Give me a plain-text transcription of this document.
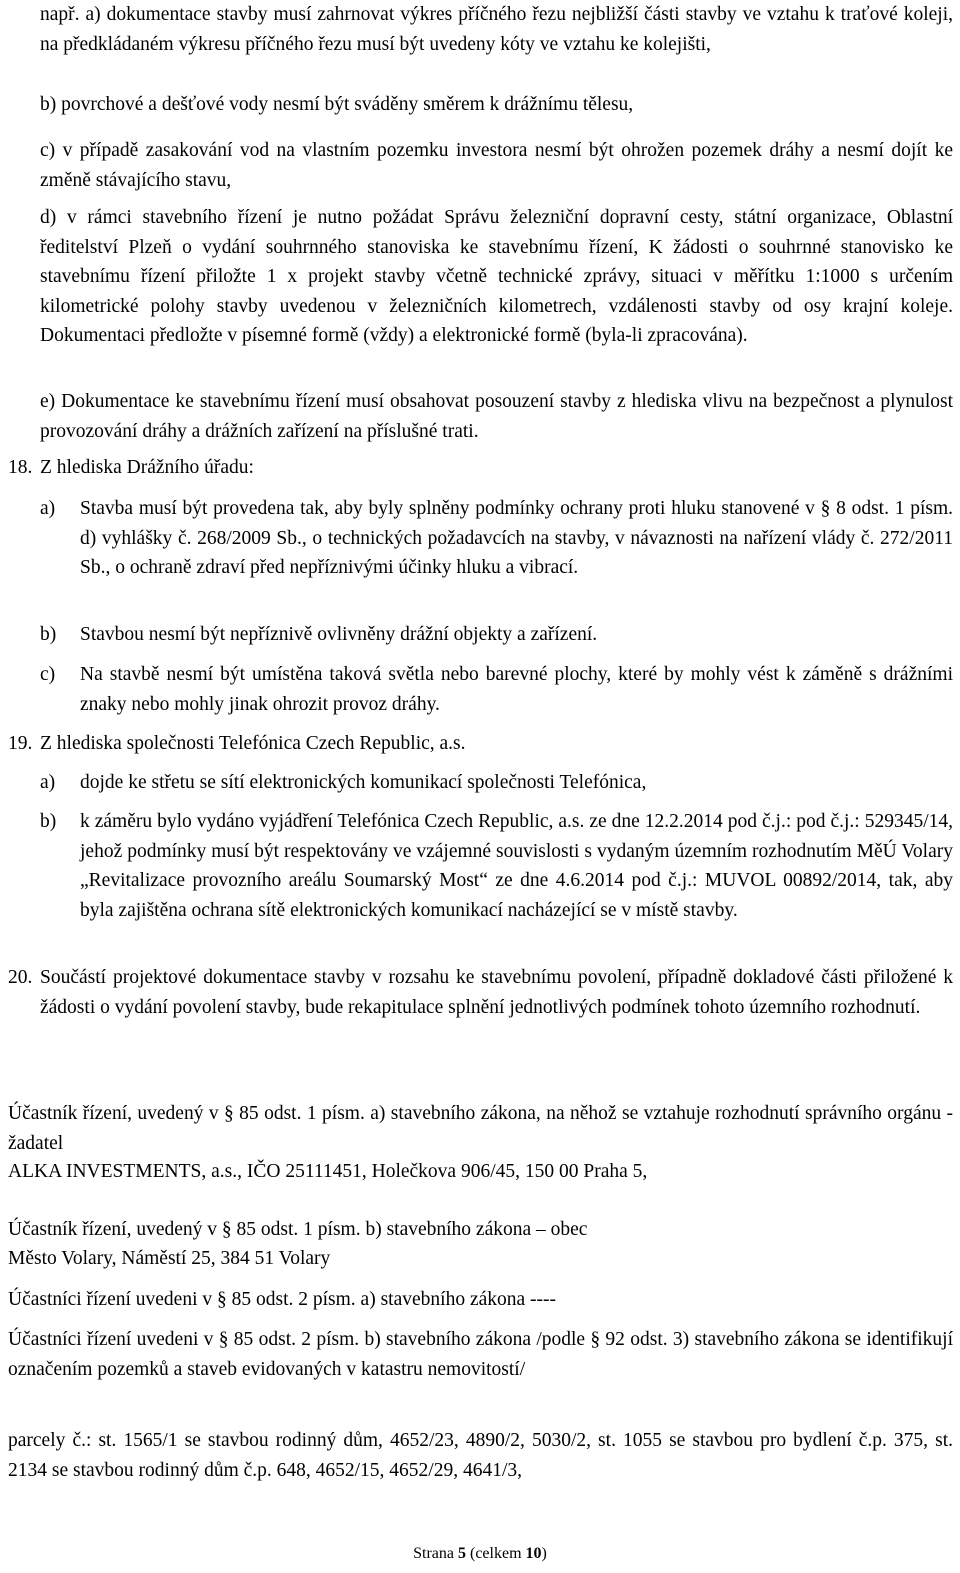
např. a) dokumentace stavby musí zahrnovat výkres příčného řezu nejbližší části stavby ve vztahu k traťové koleji, na předkládaném výkresu příčného řezu musí být uvedeny kóty ve vztahu ke kolejišti,

b) povrchové a dešťové vody nesmí být sváděny směrem k drážnímu tělesu,

c) v případě zasakování vod na vlastním pozemku investora nesmí být ohrožen pozemek dráhy a nesmí dojít ke změně stávajícího stavu,

d) v rámci stavebního řízení je nutno požádat Správu železniční dopravní cesty, státní organizace, Oblastní ředitelství Plzeň o vydání souhrnného stanoviska ke stavebnímu řízení, K žádosti o souhrnné stanovisko ke stavebnímu řízení přiložte 1 x projekt stavby včetně technické zprávy, situaci v měřítku 1:1000 s určením kilometrické polohy stavby uvedenou v železničních kilometrech, vzdálenosti stavby od osy krajní koleje. Dokumentaci předložte v písemné formě (vždy) a elektronické formě (byla-li zpracována).

e) Dokumentace ke stavebnímu řízení musí obsahovat posouzení stavby z hlediska vlivu na bezpečnost a plynulost provozování dráhy a drážních zařízení na příslušné trati.

18. Z hlediska Drážního úřadu:

a) Stavba musí být provedena tak, aby byly splněny podmínky ochrany proti hluku stanovené v § 8 odst. 1 písm. d) vyhlášky č. 268/2009 Sb., o technických požadavcích na stavby, v návaznosti na nařízení vlády č. 272/2011 Sb., o ochraně zdraví před nepříznivými účinky hluku a vibrací.

b) Stavbou nesmí být nepříznivě ovlivněny drážní objekty a zařízení.

c) Na stavbě nesmí být umístěna taková světla nebo barevné plochy, které by mohly vést k záměně s drážními znaky nebo mohly jinak ohrozit provoz dráhy.

19. Z hlediska společnosti Telefónica Czech Republic, a.s.

a) dojde ke střetu se sítí elektronických komunikací společnosti Telefónica,

b) k záměru bylo vydáno vyjádření Telefónica Czech Republic, a.s. ze dne 12.2.2014 pod č.j.: pod č.j.: 529345/14, jehož podmínky musí být respektovány ve vzájemné souvislosti s vydaným územním rozhodnutím MěÚ Volary „Revitalizace provozního areálu Soumarský Most“ ze dne 4.6.2014 pod č.j.: MUVOL 00892/2014, tak, aby byla zajištěna ochrana sítě elektronických komunikací nacházející se v místě stavby.

20. Součástí projektové dokumentace stavby v rozsahu ke stavebnímu povolení, případně dokladové části přiložené k žádosti o vydání povolení stavby, bude rekapitulace splnění jednotlivých podmínek tohoto územního rozhodnutí.

Účastník řízení, uvedený v § 85 odst. 1 písm. a) stavebního zákona, na něhož se vztahuje rozhodnutí správního orgánu - žadatel

ALKA INVESTMENTS, a.s., IČO 25111451, Holečkova 906/45, 150 00 Praha 5,

Účastník řízení, uvedený v § 85 odst. 1 písm. b) stavebního zákona – obec

Město Volary, Náměstí 25, 384 51 Volary

Účastníci řízení uvedeni v § 85 odst. 2 písm. a) stavebního zákona ----

Účastníci řízení uvedeni v § 85 odst. 2 písm. b) stavebního zákona /podle § 92 odst. 3) stavebního zákona se identifikují označením pozemků a staveb evidovaných v katastru nemovitostí/

parcely č.: st. 1565/1 se stavbou rodinný dům, 4652/23, 4890/2, 5030/2, st. 1055 se stavbou pro bydlení č.p. 375, st. 2134 se stavbou rodinný dům č.p. 648, 4652/15, 4652/29, 4641/3,

Strana 5 (celkem 10)
